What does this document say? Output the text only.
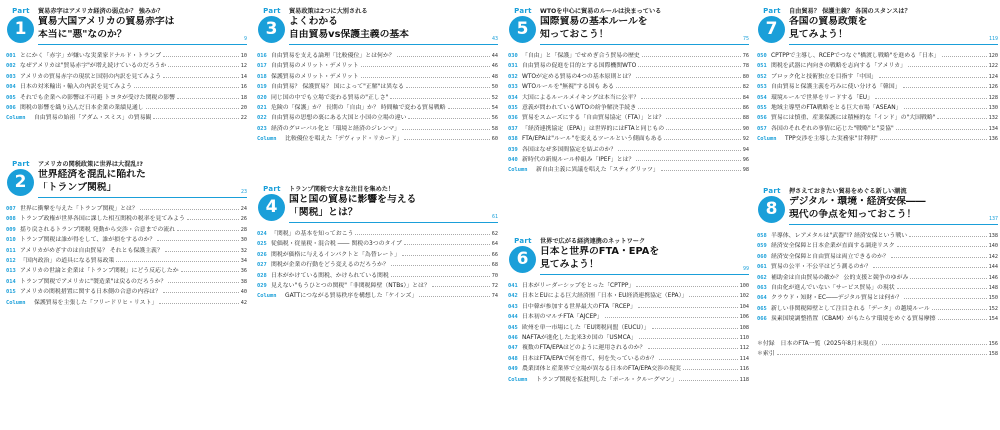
Part
1
貿易赤字はアメリカ経済の弱点か？ 強みか？
貿易大国アメリカの貿易赤字は
本当に"悪"なのか？	9
001 とにかく「赤字」が嫌いな実業家ドナルド・トランプ	10
002 なぜアメリカは"貿易赤字"が増え続けているのだろうか	12
003 アメリカの貿易赤字の現状と国別の内訳を見てみよう	14
004 日本の対米輸出・輸入の内訳を見てみよう	16
005 それでも企業への影響は不可避 トヨタが受けた関税の影響	18
006 関税の影響を織り込んだ日本企業の業績見通し	20
Column	自由貿易の始祖「アダム・スミス」の貿易観	22
Part
2
アメリカの関税政策に世界は大混乱!?
世界経済を混乱に陥れた
「トランプ関税」	23
007 世界に衝撃を与えた「トランプ関税」とは？	24
008 トランプ政権が世界各国に課した相互関税の税率を見てみよう	26
009 揺り戻されるトランプ関税 発動から交渉・合意までの流れ	28
010 トランプ関税は誰が得をして、誰が損をするのか？	30
011 アメリカがめざすのは自由貿易？ それとも保護主義？	32
012 「国内政治」の道具になる貿易政策	34
013 アメリカの世論と企業は「トランプ関税」にどう反応したか	36
014 トランプ関税でアメリカに"製造業"は戻るのだろうか？	38
015 アメリカの関税措置に関する日本側の合意の内容は？	40
Column	保護貿易を主張した「フリードリヒ・リスト」	42
Part
3
貿易政策は2つに大別される
よくわかる
自由貿易vs保護主義の基本	43
016 自由貿易を支える論理「比較優位」とは何か？	44
017 自由貿易のメリット・デメリット	46
018 保護貿易のメリット・デメリット	48
019 自由貿易？ 保護貿易？ 国によって"正解"は異なる	50
020 同じ国の中でも立場で変わる貿易の"正しさ"	52
021 危険の「保護」か？ 長期の「自由」か？ 時間軸で変わる貿易戦略	54
022 自由貿易の思想の裏にある大国と小国の立場の違い	56
023 経済のグローバル化と「環境と経済のジレンマ」	58
Column	比較優位を唱えた「デヴィッド・リカード」	60
Part
4
トランプ関税で大きな注目を集めた！
国と国の貿易に影響を与える
「関税」とは？	61
024 「関税」の基本を知っておこう	62
025 従価税・従量税・混合税 ―― 関税の3つのタイプ	64
026 関税が価格に与えるインパクトと「為替レート」	66
027 関税が企業の行動をどう変えるのだろうか？	68
028 日本がかけている関税、かけられている関税	70
029 見えない"もうひとつの関税"「非関税障壁（NTBs）」とは？	72
Column	GATTにつながる貿易秩序を構想した「ケインズ」	74
Part
5
WTOを中心に貿易のルールは決まっている
国際貿易の基本ルールを
知っておこう！	75
030 「自由」と「保護」でせめぎ合う貿易の歴史	76
031 自由貿易の促進を目的とする国際機関WTO	78
032 WTOが定める貿易の4つの基本原則とは？	80
033 WTOルールを"無視"する国も ある	82
034 大国によるルールメイキングは本当に公平？	84
035 意義が問われているWTOの紛争解決手続き	86
036 貿易をスムーズにする「自由貿易協定（FTA）」とは？	88
037 「経済連携協定（EPA）」は世界的にはFTAと同じもの	90
038 FTA/EPAは"ルール"を変えるツールという側面もある	92
039 各国はなぜ多国間協定を結ぶのか？	94
040 新時代の新規ルール枠組み「IPEF」とは？	96
Column	新自由主義に異議を唱えた「スティグリッツ」	98
Part
6
世界で広がる経済連携のネットワーク
日本と世界のFTA・EPAを
見てみよう！	99
041 日本がリーダーシップをとった「CPTPP」	100
042 日本とEUによる巨大経済圏「日本・EU経済連携協定（EPA）」	102
043 日中韓が参加する世界最大のFTA「RCEP」	104
044 日本初のマルチFTA「AJCEP」	106
045 欧州を単一市場にした「EU関税同盟（EUCU）」	108
046 NAFTAが進化した北米3カ国の「USMCA」	110
047 複数のFTA/EPAはどのように運用されるのか？	112
048 日本はFTA/EPAで何を得て、何を失っているのか？	114
049 農業団体と産業界で立場が異なる日本のFTA/EPA交渉の現実	116
Column	トランプ関税を拡批判した「ポール・クルーグマン」	118
Part
7
自由貿易？ 保護主義？ 各国のスタンスは？
各国の貿易政策を
見てみよう！	119
050 CPTPPで主導し、RCEPでつなぐ"橋渡し戦略"を進める「日本」	120
051 関税を武器に内向きの戦略を志向する「アメリカ」	122
052 ブロック化と技術独立を目指す「中国」	124
053 自由貿易と保護主義を巧みに使い分ける「韓国」	126
054 環境ルールで世界をリードする「EU」	128
055 地域主導型のFTA戦略をとる巨大市場「ASEAN」	130
056 貿易には慎重、産業保護には積極的な「インド」の"大国戦略"	132
057 各国のそれぞれの事情に応じた"戦略"と"妥協"	134
Column	TPP交渉を主導した実務家"甘利明"	136
Part
8
押さえておきたい貿易をめぐる新しい潮流
デジタル・環境・経済安保――
現代の争点を知っておこう！	137
058 半導体、レアメタルは"武器"!? 経済安保という戦い	138
059 経済安全保障と日本企業が直面する調達リスク	140
060 経済安全保障と自由貿易は両立できるのか？	142
061 貿易の公平・不公平はどう測るのか？	144
062 補助金は自由貿易の敵か？ 公的支援と競争のゆがみ	146
063 自由化が進んでいない「サービス貿易」の現状	148
064 クラウド・知財・EC――デジタル貿易とは何か？	150
065 新しい非関税障壁として注目される「データ」の越境ルール	152
066 炭素国境調整措置（CBAM）がもたらす環境をめぐる貿易摩擦	154
＊付録　日本のFTA一覧（2025年8月末現在）	156
＊索引	158
